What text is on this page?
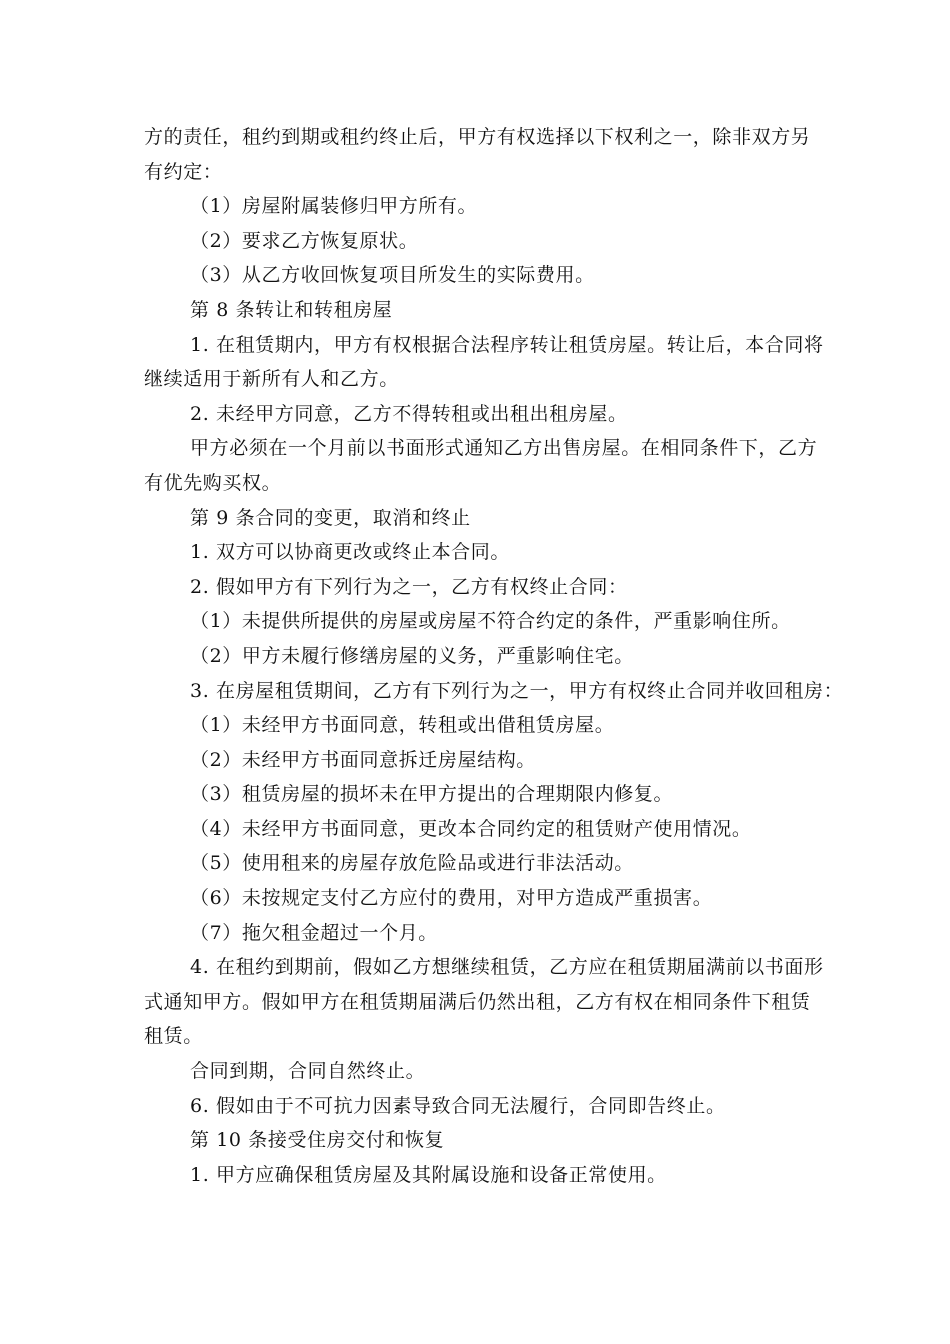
方的责任，租约到期或租约终止后，甲方有权选择以下权利之一，除非双方另
有约定：
（1）房屋附属装修归甲方所有。
（2）要求乙方恢复原状。
（3）从乙方收回恢复项目所发生的实际费用。
第 8 条转让和转租房屋
1. 在租赁期内，甲方有权根据合法程序转让租赁房屋。转让后，本合同将
继续适用于新所有人和乙方。
2. 未经甲方同意，乙方不得转租或出租出租房屋。
甲方必须在一个月前以书面形式通知乙方出售房屋。在相同条件下，乙方
有优先购买权。
第 9 条合同的变更，取消和终止
1. 双方可以协商更改或终止本合同。
2. 假如甲方有下列行为之一，乙方有权终止合同：
（1）未提供所提供的房屋或房屋不符合约定的条件，严重影响住所。
（2）甲方未履行修缮房屋的义务，严重影响住宅。
3. 在房屋租赁期间，乙方有下列行为之一，甲方有权终止合同并收回租房：
（1）未经甲方书面同意，转租或出借租赁房屋。
（2）未经甲方书面同意拆迁房屋结构。
（3）租赁房屋的损坏未在甲方提出的合理期限内修复。
（4）未经甲方书面同意，更改本合同约定的租赁财产使用情况。
（5）使用租来的房屋存放危险品或进行非法活动。
（6）未按规定支付乙方应付的费用，对甲方造成严重损害。
（7）拖欠租金超过一个月。
4. 在租约到期前，假如乙方想继续租赁，乙方应在租赁期届满前以书面形
式通知甲方。假如甲方在租赁期届满后仍然出租，乙方有权在相同条件下租赁
租赁。
合同到期，合同自然终止。
6. 假如由于不可抗力因素导致合同无法履行，合同即告终止。
第 10 条接受住房交付和恢复
1. 甲方应确保租赁房屋及其附属设施和设备正常使用。
